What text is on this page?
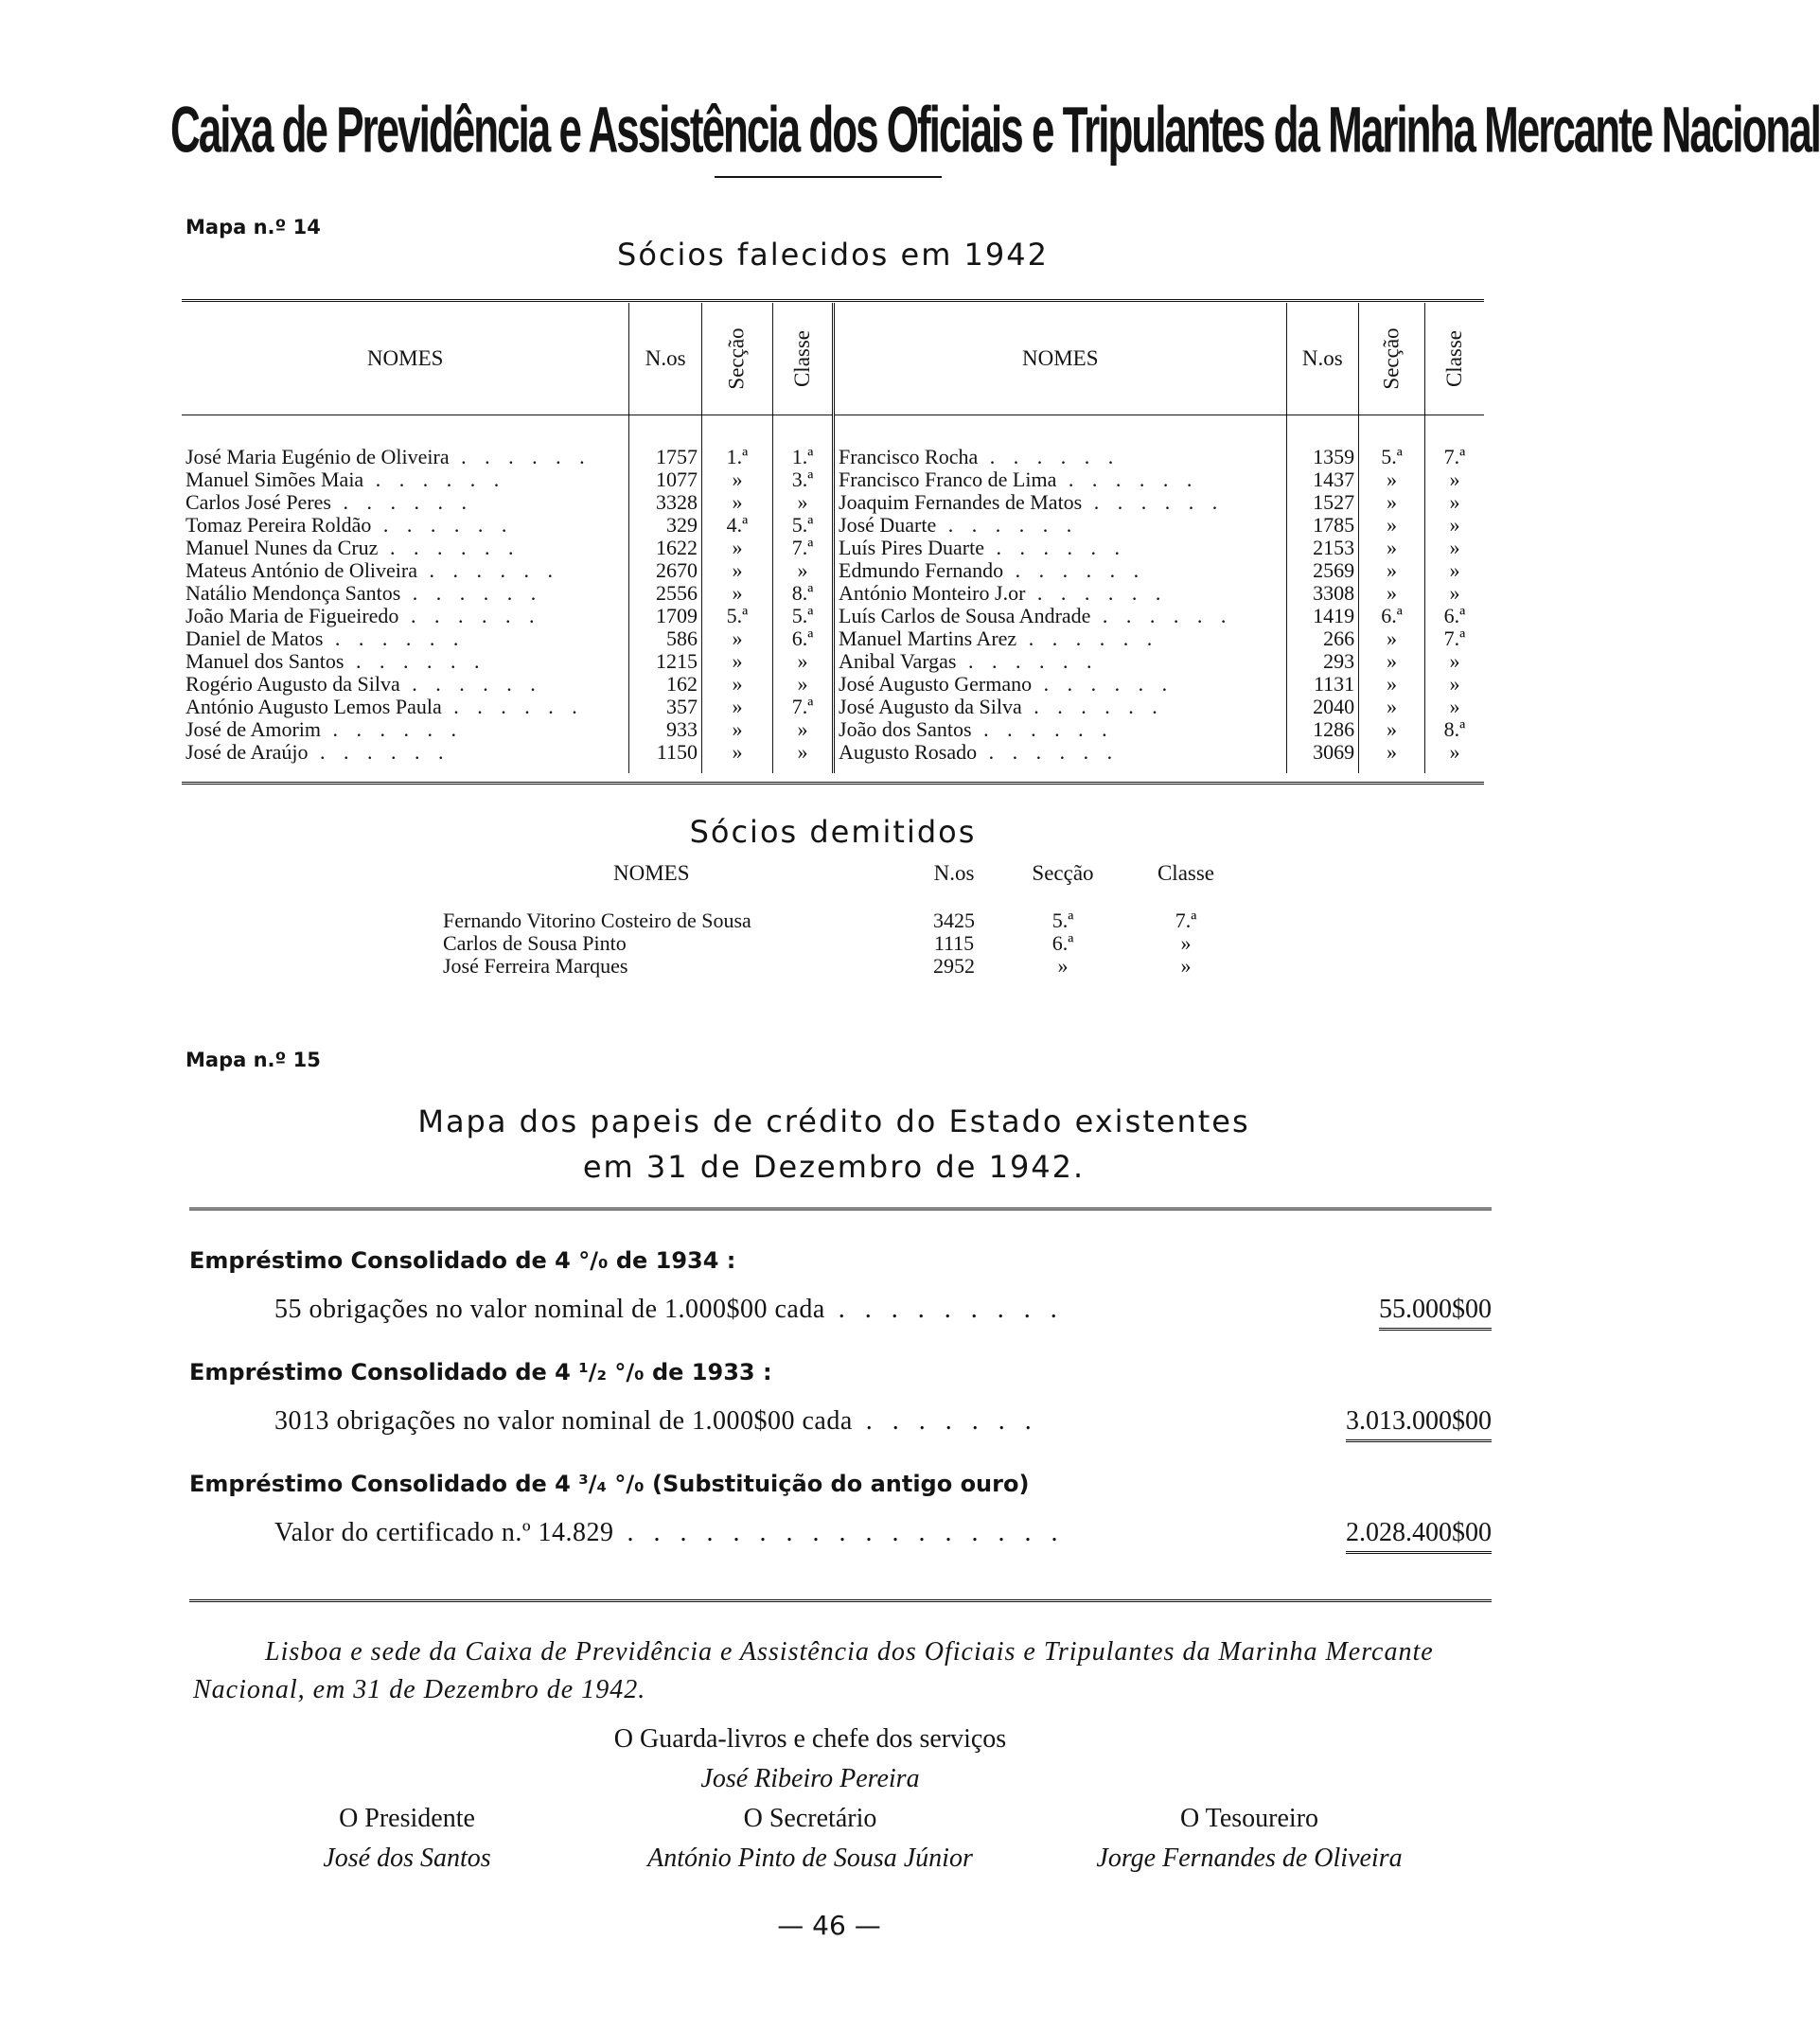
Caixa de Previdência e Assistência dos Oficiais e Tripulantes da Marinha Mercante Nacional
Mapa n.º 14
Sócios falecidos em 1942
NOMES	N.os	Secção	Classe	NOMES	N.os	Secção	Classe
José Maria Eugénio de Oliveira . . . . . .	1757	1.ª	1.ª	Francisco Rocha . . . . . .	1359	5.ª	7.ª
Manuel Simões Maia . . . . . .	1077	»	3.ª	Francisco Franco de Lima . . . . . .	1437	»	»
Carlos José Peres . . . . . .	3328	»	»	Joaquim Fernandes de Matos . . . . . .	1527	»	»
Tomaz Pereira Roldão . . . . . .	329	4.ª	5.ª	José Duarte . . . . . .	1785	»	»
Manuel Nunes da Cruz . . . . . .	1622	»	7.ª	Luís Pires Duarte . . . . . .	2153	»	»
Mateus António de Oliveira . . . . . .	2670	»	»	Edmundo Fernando . . . . . .	2569	»	»
Natálio Mendonça Santos . . . . . .	2556	»	8.ª	António Monteiro J.or . . . . . .	3308	»	»
João Maria de Figueiredo . . . . . .	1709	5.ª	5.ª	Luís Carlos de Sousa Andrade . . . . . .	1419	6.ª	6.ª
Daniel de Matos . . . . . .	586	»	6.ª	Manuel Martins Arez . . . . . .	266	»	7.ª
Manuel dos Santos . . . . . .	1215	»	»	Anibal Vargas . . . . . .	293	»	»
Rogério Augusto da Silva . . . . . .	162	»	»	José Augusto Germano . . . . . .	1131	»	»
António Augusto Lemos Paula . . . . . .	357	»	7.ª	José Augusto da Silva . . . . . .	2040	»	»
José de Amorim . . . . . .	933	»	»	João dos Santos . . . . . .	1286	»	8.ª
José de Araújo . . . . . .	1150	»	»	Augusto Rosado . . . . . .	3069	»	»
Sócios demitidos
NOMES	N.os	Secção	Classe
Fernando Vitorino Costeiro de Sousa	3425	5.ª	7.ª
Carlos de Sousa Pinto	1115	6.ª	»
José Ferreira Marques	2952	»	»
Mapa n.º 15
Mapa dos papeis de crédito do Estado existentes
em 31 de Dezembro de 1942.
Empréstimo Consolidado de 4 °/₀ de 1934 :
55 obrigações no valor nominal de 1.000$00 cada . . . . . . . . .	55.000$00
Empréstimo Consolidado de 4 ¹/₂ °/₀ de 1933 :
3013 obrigações no valor nominal de 1.000$00 cada . . . . . . .	3.013.000$00
Empréstimo Consolidado de 4 ³/₄ °/₀ (Substituição do antigo ouro)
Valor do certificado n.º 14.829 . . . . . . . . . . . . . . . . .	2.028.400$00
Lisboa e sede da Caixa de Previdência e Assistência dos Oficiais e Tripulantes da Marinha Mercante Nacional, em 31 de Dezembro de 1942.
O Guarda-livros e chefe dos serviços
José Ribeiro Pereira
O Presidente
José dos Santos
O Secretário
António Pinto de Sousa Júnior
O Tesoureiro
Jorge Fernandes de Oliveira
— 46 —
